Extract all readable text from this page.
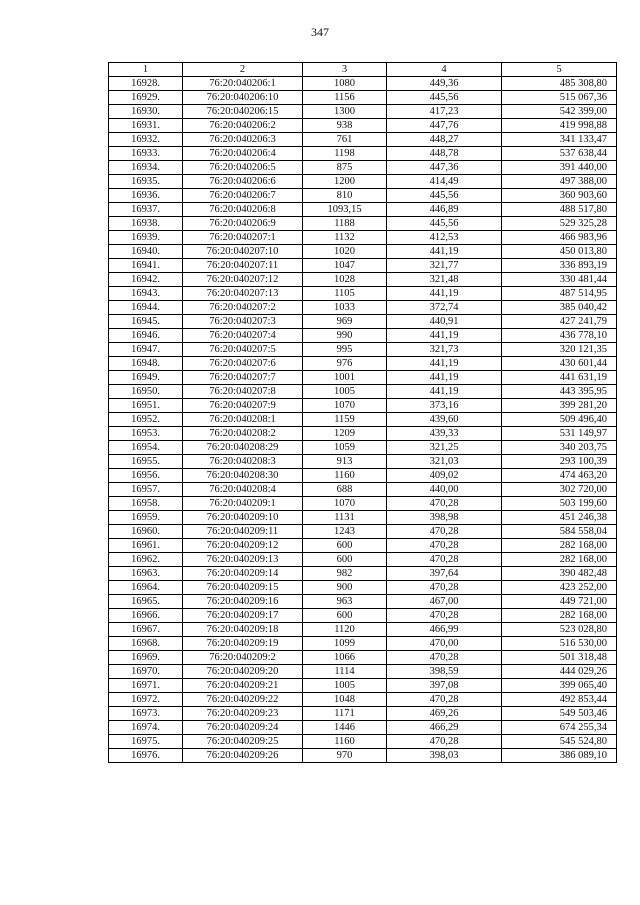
347
1	2	3	4	5
16928.	76:20:040206:1	1080	449,36	485 308,80
16929.	76:20:040206:10	1156	445,56	515 067,36
16930.	76:20:040206:15	1300	417,23	542 399,00
16931.	76:20:040206:2	938	447,76	419 998,88
16932.	76:20:040206:3	761	448,27	341 133,47
16933.	76:20:040206:4	1198	448,78	537 638,44
16934.	76:20:040206:5	875	447,36	391 440,00
16935.	76:20:040206:6	1200	414,49	497 388,00
16936.	76:20:040206:7	810	445,56	360 903,60
16937.	76:20:040206:8	1093,15	446,89	488 517,80
16938.	76:20:040206:9	1188	445,56	529 325,28
16939.	76:20:040207:1	1132	412,53	466 983,96
16940.	76:20:040207:10	1020	441,19	450 013,80
16941.	76:20:040207:11	1047	321,77	336 893,19
16942.	76:20:040207:12	1028	321,48	330 481,44
16943.	76:20:040207:13	1105	441,19	487 514,95
16944.	76:20:040207:2	1033	372,74	385 040,42
16945.	76:20:040207:3	969	440,91	427 241,79
16946.	76:20:040207:4	990	441,19	436 778,10
16947.	76:20:040207:5	995	321,73	320 121,35
16948.	76:20:040207:6	976	441,19	430 601,44
16949.	76:20:040207:7	1001	441,19	441 631,19
16950.	76:20:040207:8	1005	441,19	443 395,95
16951.	76:20:040207:9	1070	373,16	399 281,20
16952.	76:20:040208:1	1159	439,60	509 496,40
16953.	76:20:040208:2	1209	439,33	531 149,97
16954.	76:20:040208:29	1059	321,25	340 203,75
16955.	76:20:040208:3	913	321,03	293 100,39
16956.	76:20:040208:30	1160	409,02	474 463,20
16957.	76:20:040208:4	688	440,00	302 720,00
16958.	76:20:040209:1	1070	470,28	503 199,60
16959.	76:20:040209:10	1131	398,98	451 246,38
16960.	76:20:040209:11	1243	470,28	584 558,04
16961.	76:20:040209:12	600	470,28	282 168,00
16962.	76:20:040209:13	600	470,28	282 168,00
16963.	76:20:040209:14	982	397,64	390 482,48
16964.	76:20:040209:15	900	470,28	423 252,00
16965.	76:20:040209:16	963	467,00	449 721,00
16966.	76:20:040209:17	600	470,28	282 168,00
16967.	76:20:040209:18	1120	466,99	523 028,80
16968.	76:20:040209:19	1099	470,00	516 530,00
16969.	76:20:040209:2	1066	470,28	501 318,48
16970.	76:20:040209:20	1114	398,59	444 029,26
16971.	76:20:040209:21	1005	397,08	399 065,40
16972.	76:20:040209:22	1048	470,28	492 853,44
16973.	76:20:040209:23	1171	469,26	549 503,46
16974.	76:20:040209:24	1446	466,29	674 255,34
16975.	76:20:040209:25	1160	470,28	545 524,80
16976.	76:20:040209:26	970	398,03	386 089,10
